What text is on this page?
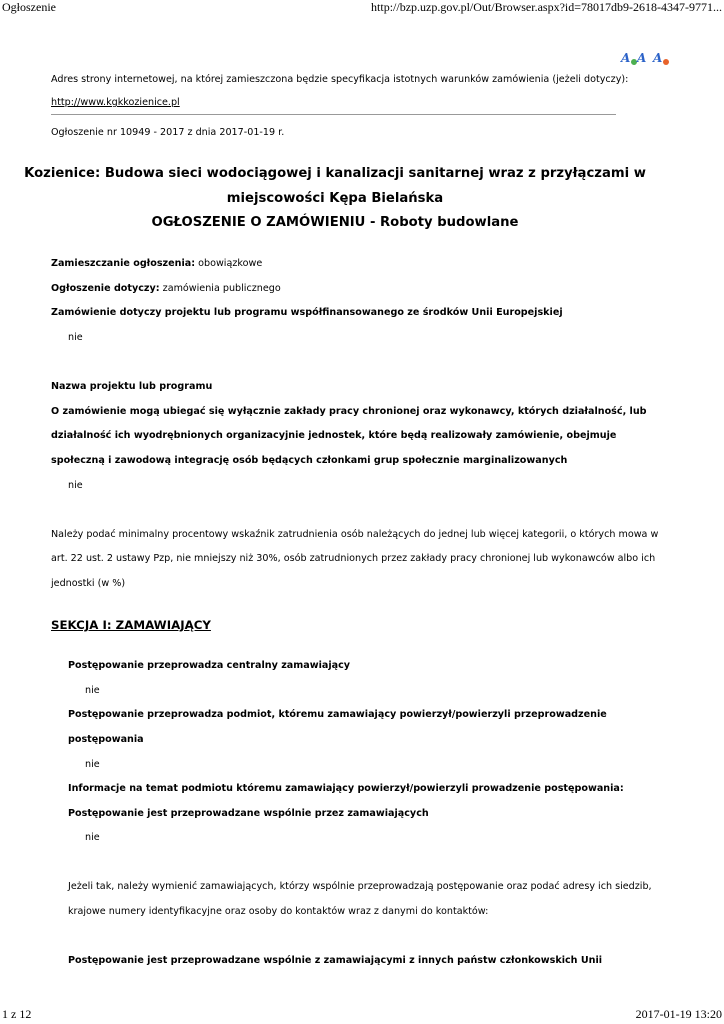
Ogłoszenie	http://bzp.uzp.gov.pl/Out/Browser.aspx?id=78017db9-2618-4347-9771...
1 z 12	2017-01-19 13:20
A A A
Adres strony internetowej, na której zamieszczona będzie specyfikacja istotnych warunków zamówienia (jeżeli dotyczy):
http://www.kgkkozienice.pl
Ogłoszenie nr 10949 - 2017 z dnia 2017-01-19 r.
Kozienice: Budowa sieci wodociągowej i kanalizacji sanitarnej wraz z przyłączami w
miejscowości Kępa Bielańska
OGŁOSZENIE O ZAMÓWIENIU - Roboty budowlane
Zamieszczanie ogłoszenia: obowiązkowe
Ogłoszenie dotyczy: zamówienia publicznego
Zamówienie dotyczy projektu lub programu współfinansowanego ze środków Unii Europejskiej
nie
Nazwa projektu lub programu
O zamówienie mogą ubiegać się wyłącznie zakłady pracy chronionej oraz wykonawcy, których działalność, lub
działalność ich wyodrębnionych organizacyjnie jednostek, które będą realizowały zamówienie, obejmuje
społeczną i zawodową integrację osób będących członkami grup społecznie marginalizowanych
nie
Należy podać minimalny procentowy wskaźnik zatrudnienia osób należących do jednej lub więcej kategorii, o których mowa w
art. 22 ust. 2 ustawy Pzp, nie mniejszy niż 30%, osób zatrudnionych przez zakłady pracy chronionej lub wykonawców albo ich
jednostki (w %)
SEKCJA I: ZAMAWIAJĄCY
Postępowanie przeprowadza centralny zamawiający
nie
Postępowanie przeprowadza podmiot, któremu zamawiający powierzył/powierzyli przeprowadzenie
postępowania
nie
Informacje na temat podmiotu któremu zamawiający powierzył/powierzyli prowadzenie postępowania:
Postępowanie jest przeprowadzane wspólnie przez zamawiających
nie
Jeżeli tak, należy wymienić zamawiających, którzy wspólnie przeprowadzają postępowanie oraz podać adresy ich siedzib,
krajowe numery identyfikacyjne oraz osoby do kontaktów wraz z danymi do kontaktów:
Postępowanie jest przeprowadzane wspólnie z zamawiającymi z innych państw członkowskich Unii
